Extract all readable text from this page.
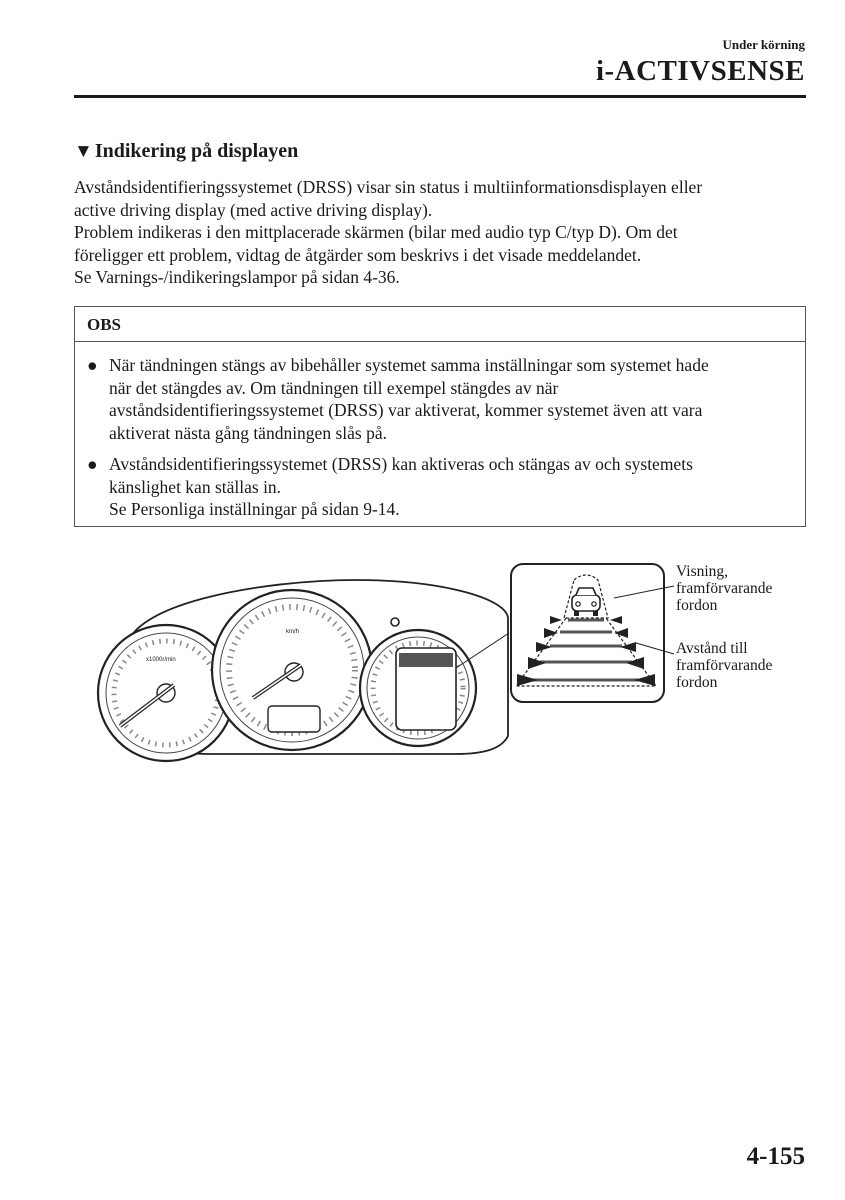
Under körning
i-ACTIVSENSE
▼ Indikering på displayen

Avståndsidentifieringssystemet (DRSS) visar sin status i multiinformationsdisplayen eller

active driving display (med active driving display).

Problem indikeras i den mittplacerade skärmen (bilar med audio typ C/typ D). Om det

föreligger ett problem, vidtag de åtgärder som beskrivs i det visade meddelandet.

Se Varnings-/indikeringslampor på sidan 4-36.

OBS
● När tändningen stängs av bibehåller systemet samma inställningar som systemet hade
när det stängdes av. Om tändningen till exempel stängdes av när
avståndsidentifieringssystemet (DRSS) var aktiverat, kommer systemet även att vara
aktiverat nästa gång tändningen slås på.
● Avståndsidentifieringssystemet (DRSS) kan aktiveras och stängas av och systemets
känslighet kan ställas in.
Se Personliga inställningar på sidan 9-14.
x1000r/min
km/h
Visning,
framförvarande
fordon
Avstånd till
framförvarande
fordon
4-155
